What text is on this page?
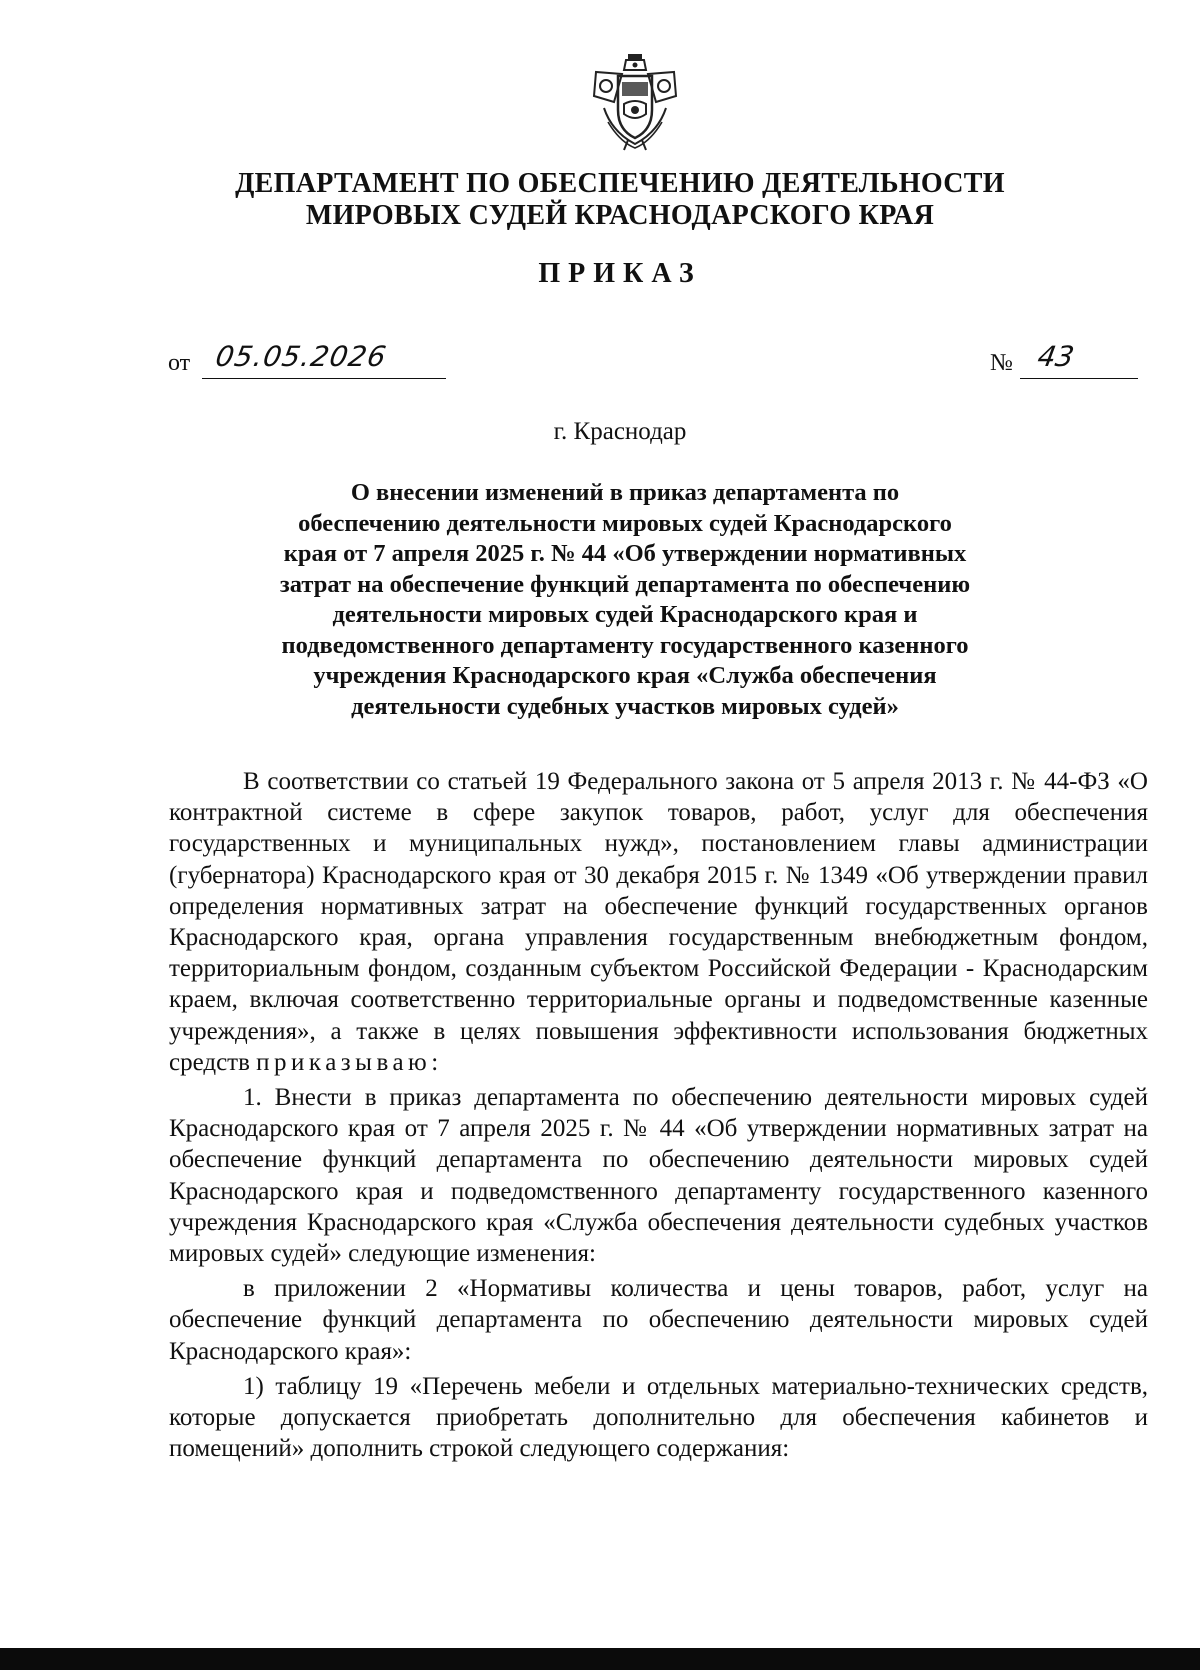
ДЕПАРТАМЕНТ ПО ОБЕСПЕЧЕНИЮ ДЕЯТЕЛЬНОСТИ
МИРОВЫХ СУДЕЙ КРАСНОДАРСКОГО КРАЯ
ПРИКАЗ
от 05.05.2026	№ 43
г. Краснодар
О внесении изменений в приказ департамента по
обеспечению деятельности мировых судей Краснодарского
края от 7 апреля 2025 г. № 44 «Об утверждении нормативных
затрат на обеспечение функций департамента по обеспечению
деятельности мировых судей Краснодарского края и
подведомственного департаменту государственного казенного
учреждения Краснодарского края «Служба обеспечения
деятельности судебных участков мировых судей»

В соответствии со статьей 19 Федерального закона от 5 апреля 2013 г. № 44-ФЗ «О контрактной системе в сфере закупок товаров, работ, услуг для обеспечения государственных и муниципальных нужд», постановлением главы администрации (губернатора) Краснодарского края от 30 декабря 2015 г. № 1349 «Об утверждении правил определения нормативных затрат на обеспечение функций государственных органов Краснодарского края, органа управления государственным внебюджетным фондом, территориальным фондом, созданным субъектом Российской Федерации - Краснодарским краем, включая соответственно территориальные органы и подведомственные казенные учреждения», а также в целях повышения эффективности использования бюджетных средств приказываю:

1. Внести в приказ департамента по обеспечению деятельности мировых судей Краснодарского края от 7 апреля 2025 г. № 44 «Об утверждении нормативных затрат на обеспечение функций департамента по обеспечению деятельности мировых судей Краснодарского края и подведомственного департаменту государственного казенного учреждения Краснодарского края «Служба обеспечения деятельности судебных участков мировых судей» следующие изменения:

в приложении 2 «Нормативы количества и цены товаров, работ, услуг на обеспечение функций департамента по обеспечению деятельности мировых судей Краснодарского края»:

1) таблицу 19 «Перечень мебели и отдельных материально-технических средств, которые допускается приобретать дополнительно для обеспечения кабинетов и помещений» дополнить строкой следующего содержания:
